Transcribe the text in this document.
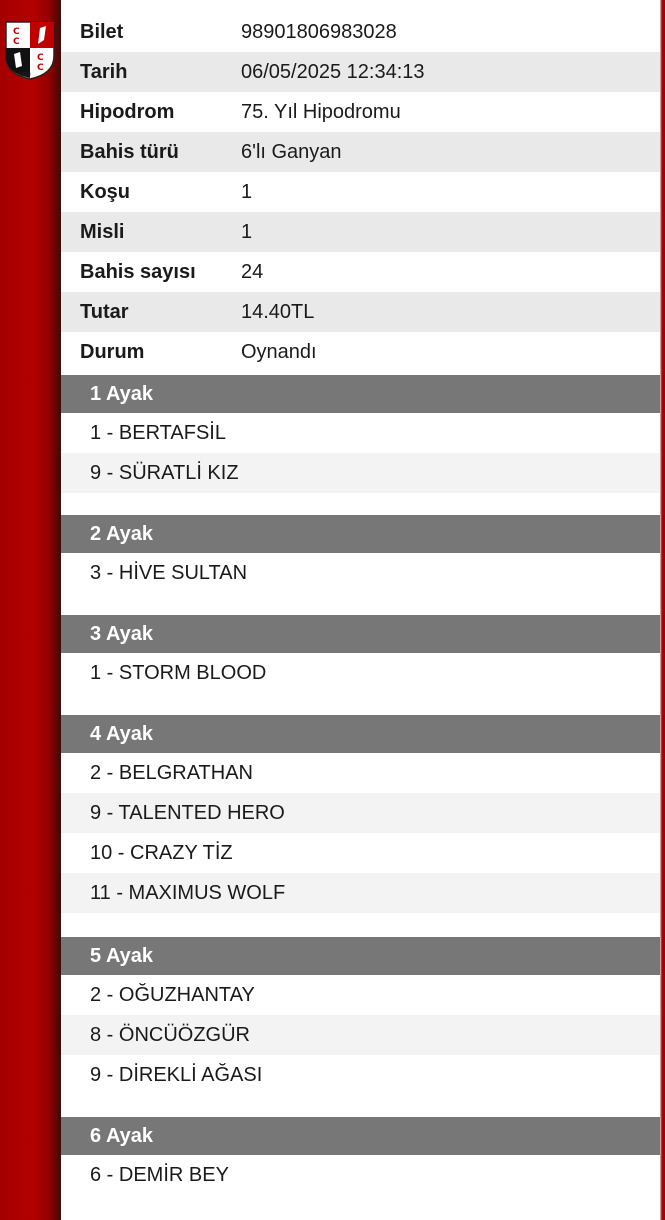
C
C
C
C
1950
Bilet	98901806983028
Tarih	06/05/2025 12:34:13
Hipodrom	75. Yıl Hipodromu
Bahis türü	6'lı Ganyan
Koşu	1
Misli	1
Bahis sayısı	24
Tutar	14.40TL
Durum	Oynandı
1 Ayak
1 - BERTAFSİL
9 - SÜRATLİ KIZ
2 Ayak
3 - HİVE SULTAN
3 Ayak
1 - STORM BLOOD
4 Ayak
2 - BELGRATHAN
9 - TALENTED HERO
10 - CRAZY TİZ
11 - MAXIMUS WOLF
5 Ayak
2 - OĞUZHANTAY
8 - ÖNCÜÖZGÜR
9 - DİREKLİ AĞASI
6 Ayak
6 - DEMİR BEY
